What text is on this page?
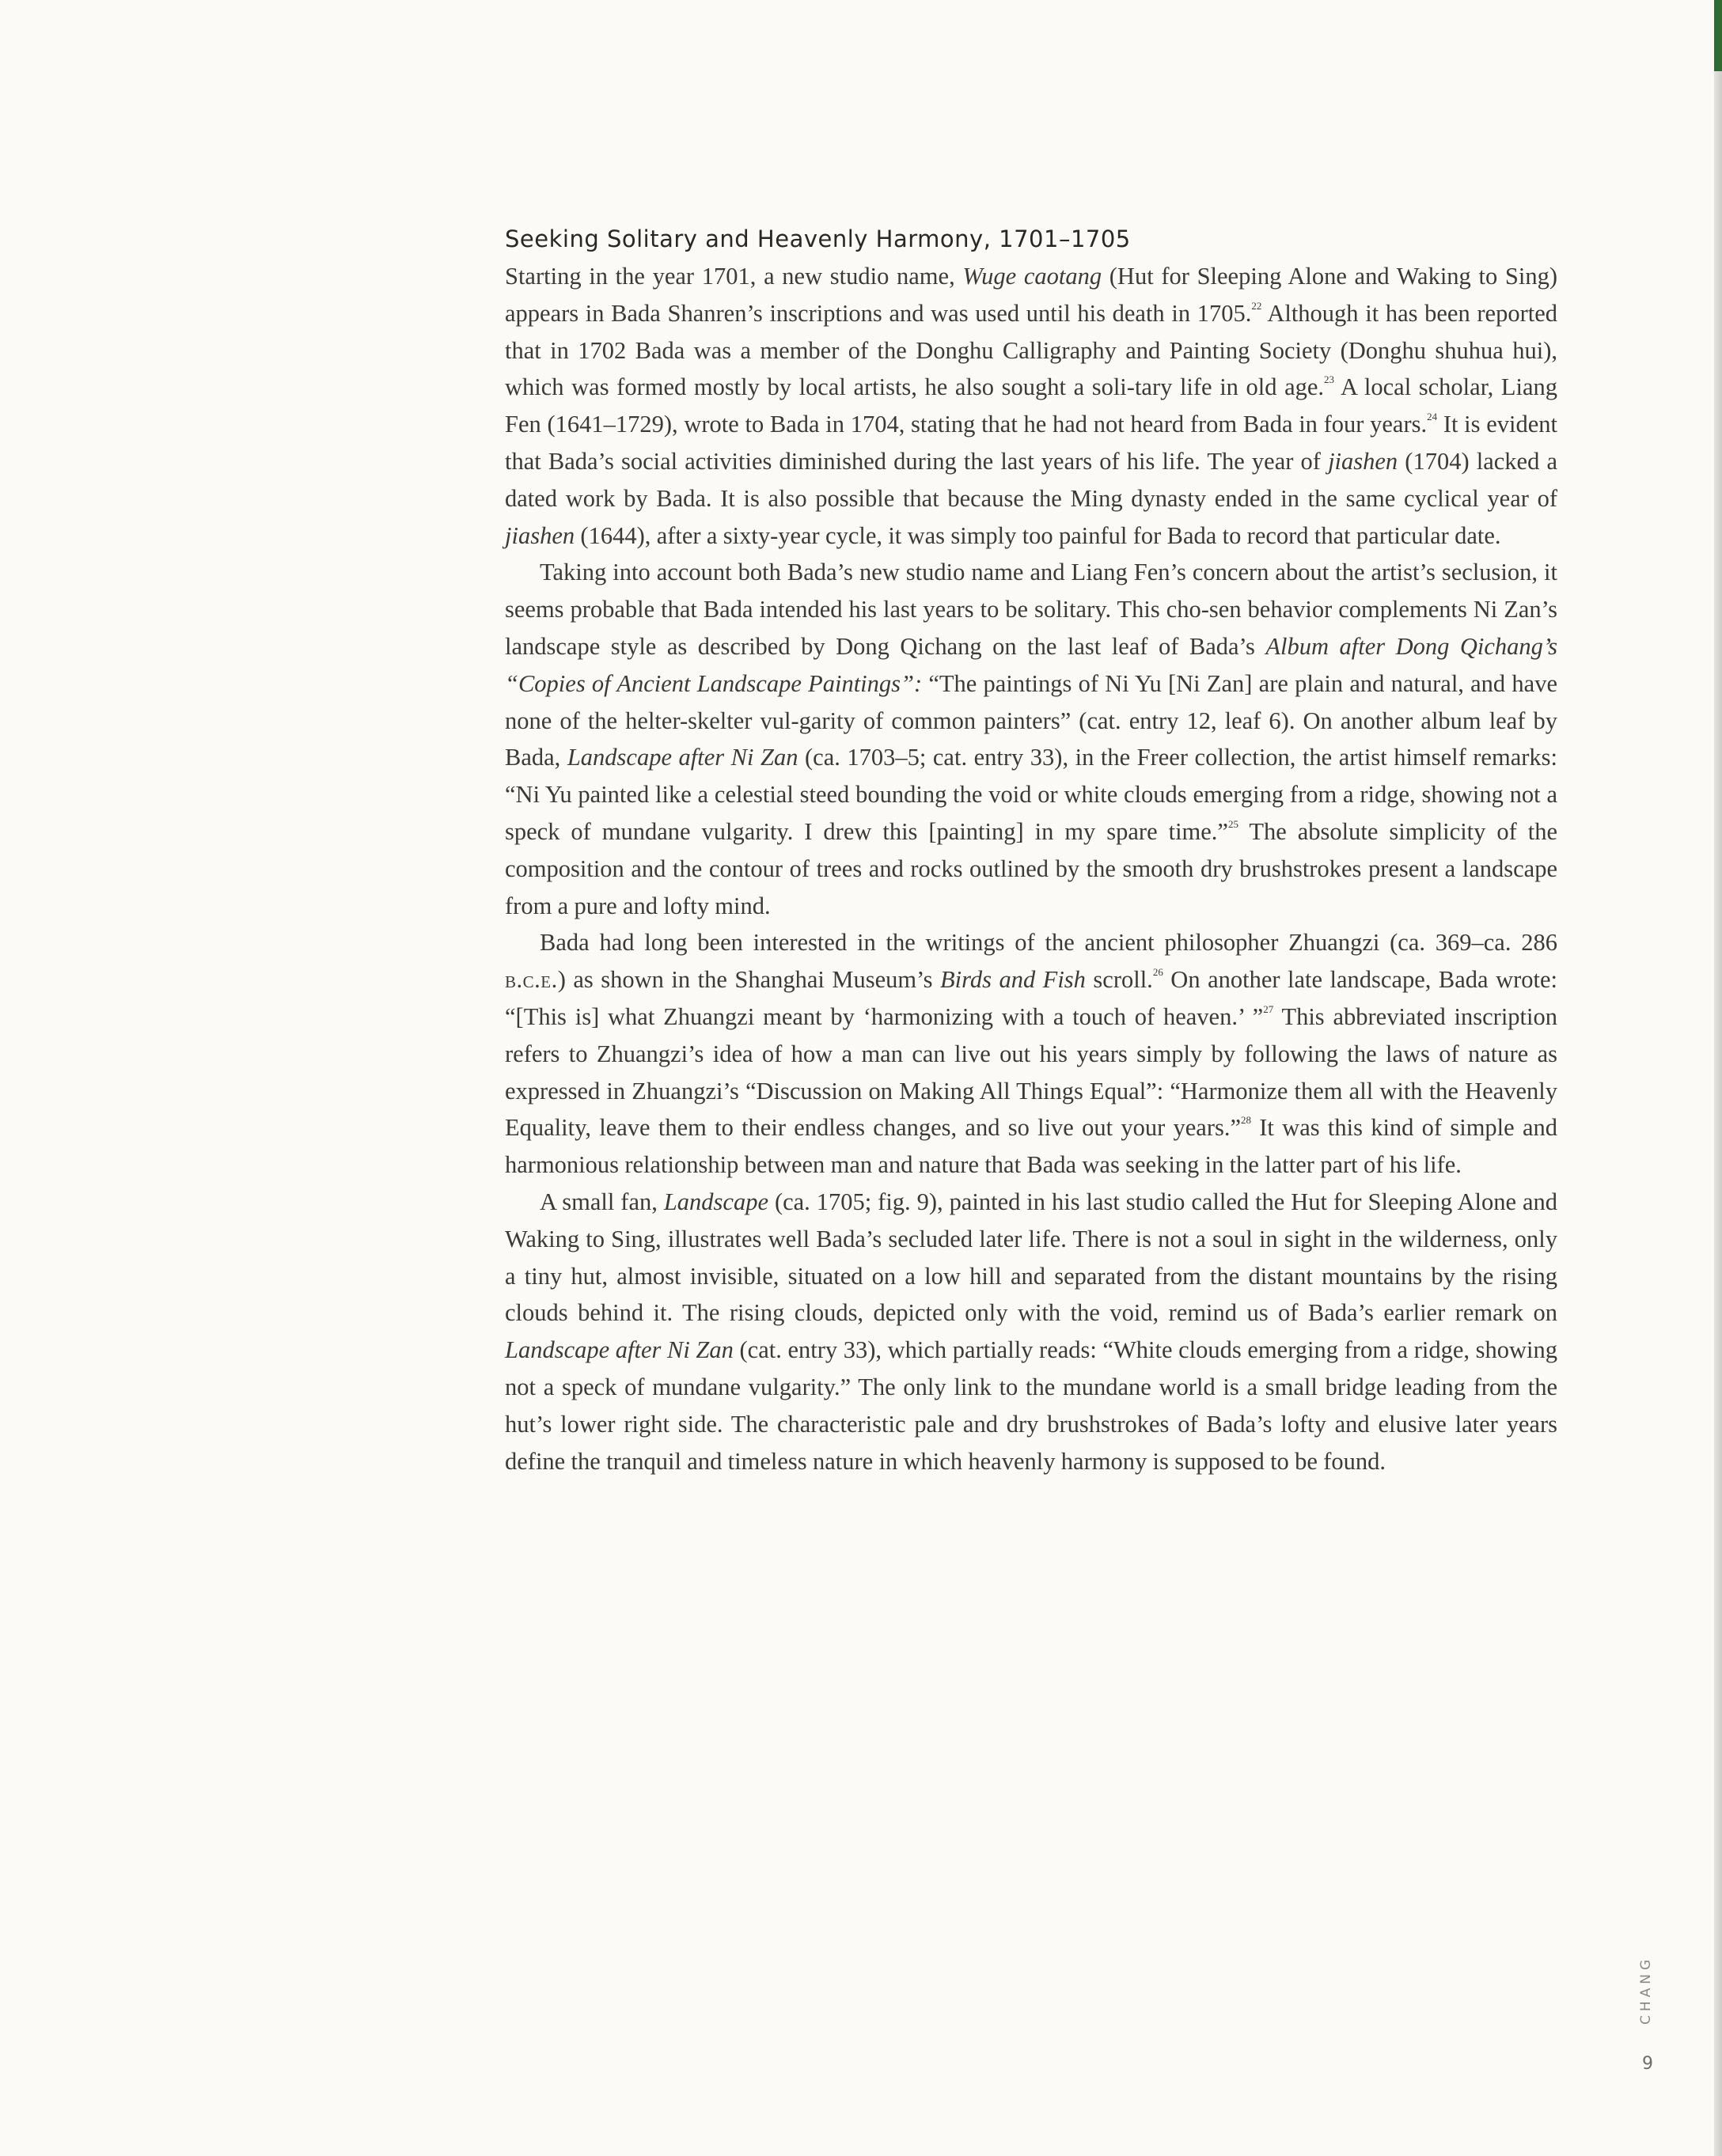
Seeking Solitary and Heavenly Harmony, 1701–1705

Starting in the year 1701, a new studio name, Wuge caotang (Hut for Sleeping Alone and Waking to Sing) appears in Bada Shanren’s inscriptions and was used until his death in 1705.22 Although it has been reported that in 1702 Bada was a member of the Donghu Calligraphy and Painting Society (Donghu shuhua hui), which was formed mostly by local artists, he also sought a soli-tary life in old age.$^{23}$ A local scholar, Liang Fen (1641–1729), wrote to Bada in 1704, stating that he had not heard from Bada in four years.$^{24}$ It is evident that Bada’s social activities diminished during the last years of his life. The year of jiashen (1704) lacked a dated work by Bada. It is also possible that because the Ming dynasty ended in the same cyclical year of jiashen (1644), after a sixty-year cycle, it was simply too painful for Bada to record that particular date.

Taking into account both Bada’s new studio name and Liang Fen’s concern about the artist’s seclusion, it seems probable that Bada intended his last years to be solitary. This cho-sen behavior complements Ni Zan’s landscape style as described by Dong Qichang on the last leaf of Bada’s Album after Dong Qichang’s “Copies of Ancient Landscape Paintings”: “The paintings of Ni Yu [Ni Zan] are plain and natural, and have none of the helter-skelter vul-garity of common painters” (cat. entry 12, leaf 6). On another album leaf by Bada, Landscape after Ni Zan (ca. 1703–5; cat. entry 33), in the Freer collection, the artist himself remarks: “Ni Yu painted like a celestial steed bounding the void or white clouds emerging from a ridge, showing not a speck of mundane vulgarity. I drew this [painting] in my spare time.”$^{25}$ The absolute simplicity of the composition and the contour of trees and rocks outlined by the smooth dry brushstrokes present a landscape from a pure and lofty mind.

Bada had long been interested in the writings of the ancient philosopher Zhuangzi (ca. 369–ca. 286 b.c.e.) as shown in the Shanghai Museum’s Birds and Fish scroll.$^{26}$ On another late landscape, Bada wrote: “[This is] what Zhuangzi meant by ‘harmonizing with a touch of heaven.’ ”$^{27}$ This abbreviated inscription refers to Zhuangzi’s idea of how a man can live out his years simply by following the laws of nature as expressed in Zhuangzi’s “Discussion on Making All Things Equal”: “Harmonize them all with the Heavenly Equality, leave them to their endless changes, and so live out your years.”$^{28}$ It was this kind of simple and harmonious relationship between man and nature that Bada was seeking in the latter part of his life.

A small fan, Landscape (ca. 1705; fig. 9), painted in his last studio called the Hut for Sleeping Alone and Waking to Sing, illustrates well Bada’s secluded later life. There is not a soul in sight in the wilderness, only a tiny hut, almost invisible, situated on a low hill and separated from the distant mountains by the rising clouds behind it. The rising clouds, depicted only with the void, remind us of Bada’s earlier remark on Landscape after Ni Zan (cat. entry 33), which partially reads: “White clouds emerging from a ridge, showing not a speck of mundane vulgarity.” The only link to the mundane world is a small bridge leading from the hut’s lower right side. The characteristic pale and dry brushstrokes of Bada’s lofty and elusive later years define the tranquil and timeless nature in which heavenly harmony is supposed to be found.

CHANG
9
